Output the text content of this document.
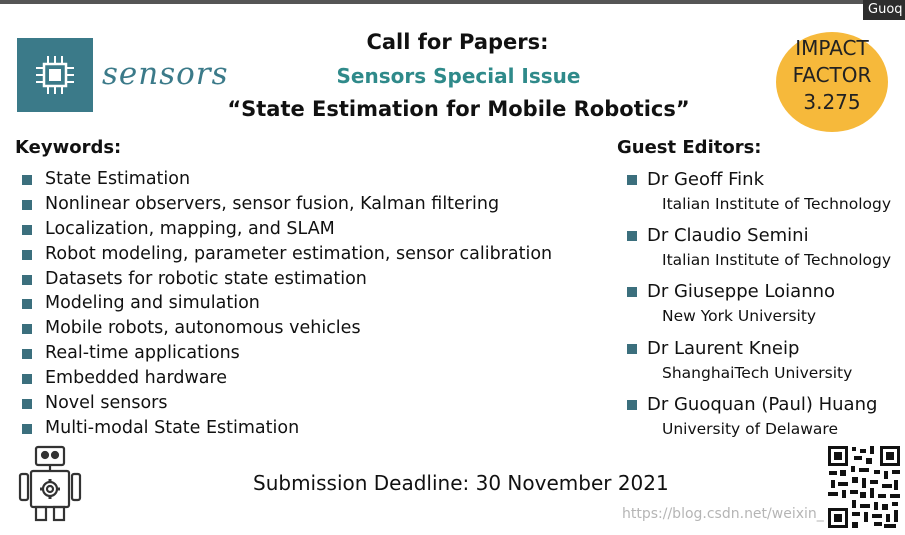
Guoq
sensors
Call for Papers:
Sensors Special Issue
“State Estimation for Mobile Robotics”
IMPACT
FACTOR
3.275
Keywords:
State Estimation
Nonlinear observers, sensor fusion, Kalman filtering
Localization, mapping, and SLAM
Robot modeling, parameter estimation, sensor calibration
Datasets for robotic state estimation
Modeling and simulation
Mobile robots, autonomous vehicles
Real-time applications
Embedded hardware
Novel sensors
Multi-modal State Estimation
Guest Editors:
Dr Geoff Fink
Italian Institute of Technology
Dr Claudio Semini
Italian Institute of Technology
Dr Giuseppe Loianno
New York University
Dr Laurent Kneip
ShanghaiTech University
Dr Guoquan (Paul) Huang
University of Delaware
Submission Deadline: 30 November 2021
https://blog.csdn.net/weixin_
